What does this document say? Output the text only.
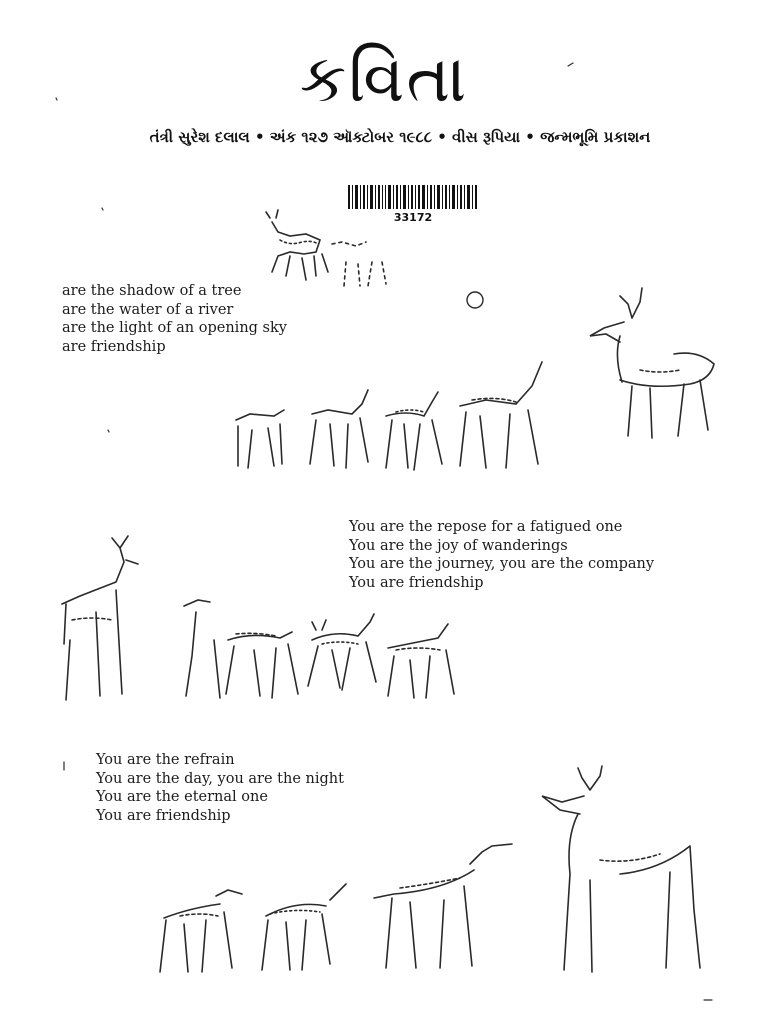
કવિતા
તંત્રી સુરેશ દલાલ • અંક ૧૨૭ ઑક્ટોબર ૧૯૮૮ • વીસ રૂપિયા • જન્મભૂમિ પ્રકાશન
33172
are the shadow of a tree
are the water of a river
are the light of an opening sky
are friendship
You are the repose for a fatigued one
You are the joy of wanderings
You are the journey, you are the company
You are friendship
You are the refrain
You are the day, you are the night
You are the eternal one
You are friendship
